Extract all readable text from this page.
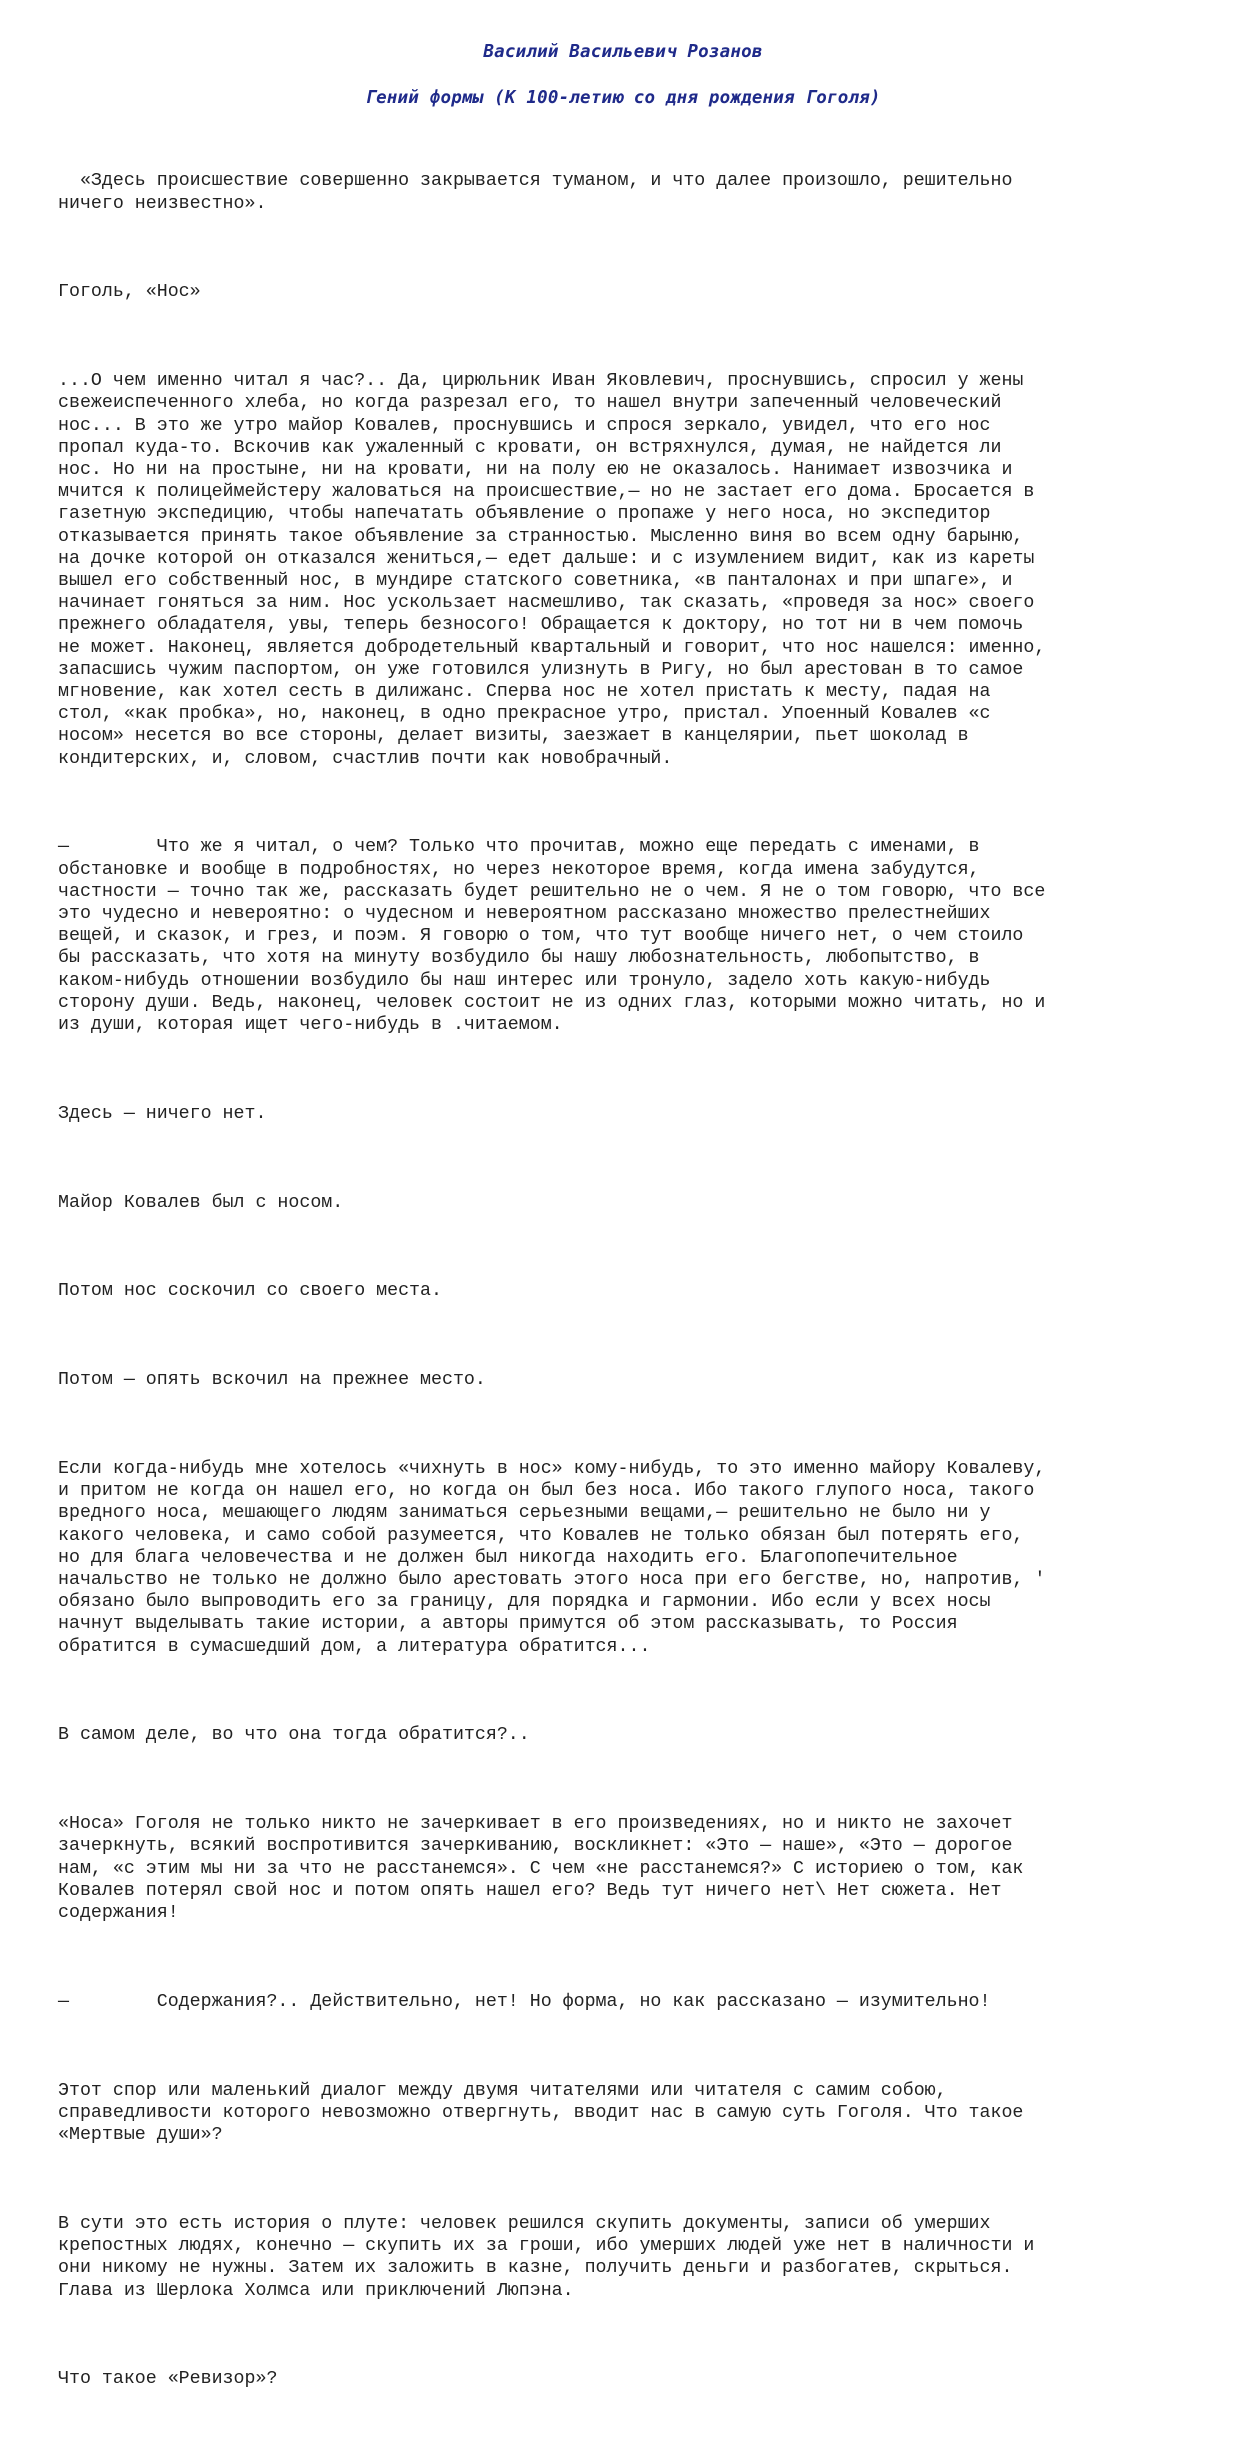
Василий Васильевич Розанов

Гений формы (К 100-летию со дня рождения Гоголя)

«Здесь происшествие совершенно закрывается туманом, и что далее произошло, решительно
ничего неизвестно».

Гоголь, «Нос»

...О чем именно читал я час?.. Да, цирюльник Иван Яковлевич, проснувшись, спросил у жены
свежеиспеченного хлеба, но когда разрезал его, то нашел внутри запеченный человеческий
нос... В это же утро майор Ковалев, проснувшись и спрося зеркало, увидел, что его нос
пропал куда-то. Вскочив как ужаленный с кровати, он встряхнулся, думая, не найдется ли
нос. Но ни на простыне, ни на кровати, ни на полу ею не оказалось. Нанимает извозчика и
мчится к полицеймейстеру жаловаться на происшествие,— но не застает его дома. Бросается в
газетную экспедицию, чтобы напечатать объявление о пропаже у него носа, но экспедитор
отказывается принять такое объявление за странностью. Мысленно виня во всем одну барыню,
на дочке которой он отказался жениться,— едет дальше: и с изумлением видит, как из кареты
вышел его собственный нос, в мундире статского советника, «в панталонах и при шпаге», и
начинает гоняться за ним. Нос ускользает насмешливо, так сказать, «проведя за нос» своего
прежнего обладателя, увы, теперь безносого! Обращается к доктору, но тот ни в чем помочь
не может. Наконец, является добродетельный квартальный и говорит, что нос нашелся: именно,
запасшись чужим паспортом, он уже готовился улизнуть в Ригу, но был арестован в то самое
мгновение, как хотел сесть в дилижанс. Сперва нос не хотел пристать к месту, падая на
стол, «как пробка», но, наконец, в одно прекрасное утро, пристал. Упоенный Ковалев «с
носом» несется во все стороны, делает визиты, заезжает в канцелярии, пьет шоколад в
кондитерских, и, словом, счастлив почти как новобрачный.

—        Что же я читал, о чем? Только что прочитав, можно еще передать с именами, в
обстановке и вообще в подробностях, но через некоторое время, когда имена забудутся,
частности — точно так же, рассказать будет решительно не о чем. Я не о том говорю, что все
это чудесно и невероятно: о чудесном и невероятном рассказано множество прелестнейших
вещей, и сказок, и грез, и поэм. Я говорю о том, что тут вообще ничего нет, о чем стоило
бы рассказать, что хотя на минуту возбудило бы нашу любознательность, любопытство, в
каком-нибудь отношении возбудило бы наш интерес или тронуло, задело хоть какую-нибудь
сторону души. Ведь, наконец, человек состоит не из одних глаз, которыми можно читать, но и
из души, которая ищет чего-нибудь в .читаемом.

Здесь — ничего нет.

Майор Ковалев был с носом.

Потом нос соскочил со своего места.

Потом — опять вскочил на прежнее место.

Если когда-нибудь мне хотелось «чихнуть в нос» кому-нибудь, то это именно майору Ковалеву,
и притом не когда он нашел его, но когда он был без носа. Ибо такого глупого носа, такого
вредного носа, мешающего людям заниматься серьезными вещами,— решительно не было ни у
какого человека, и само собой разумеется, что Ковалев не только обязан был потерять его,
но для блага человечества и не должен был никогда находить его. Благопопечительное
начальство не только не должно было арестовать этого носа при его бегстве, но, напротив, '
обязано было выпроводить его за границу, для порядка и гармонии. Ибо если у всех носы
начнут выделывать такие истории, а авторы примутся об этом рассказывать, то Россия
обратится в сумасшедший дом, а литература обратится...

В самом деле, во что она тогда обратится?..

«Носа» Гоголя не только никто не зачеркивает в его произведениях, но и никто не захочет
зачеркнуть, всякий воспротивится зачеркиванию, воскликнет: «Это — наше», «Это — дорогое
нам, «с этим мы ни за что не расстанемся». С чем «не расстанемся?» С историею о том, как
Ковалев потерял свой нос и потом опять нашел его? Ведь тут ничего нет\ Нет сюжета. Нет
содержания!

—        Содержания?.. Действительно, нет! Но форма, но как рассказано — изумительно!

Этот спор или маленький диалог между двумя читателями или читателя с самим собою,
справедливости которого невозможно отвергнуть, вводит нас в самую суть Гоголя. Что такое
«Мертвые души»?

В сути это есть история о плуте: человек решился скупить документы, записи об умерших
крепостных людях, конечно — скупить их за гроши, ибо умерших людей уже нет в наличности и
они никому не нужны. Затем их заложить в казне, получить деньги и разбогатев, скрыться.
Глава из Шерлока Холмса или приключений Люпэна.

Что такое «Ревизор»?
